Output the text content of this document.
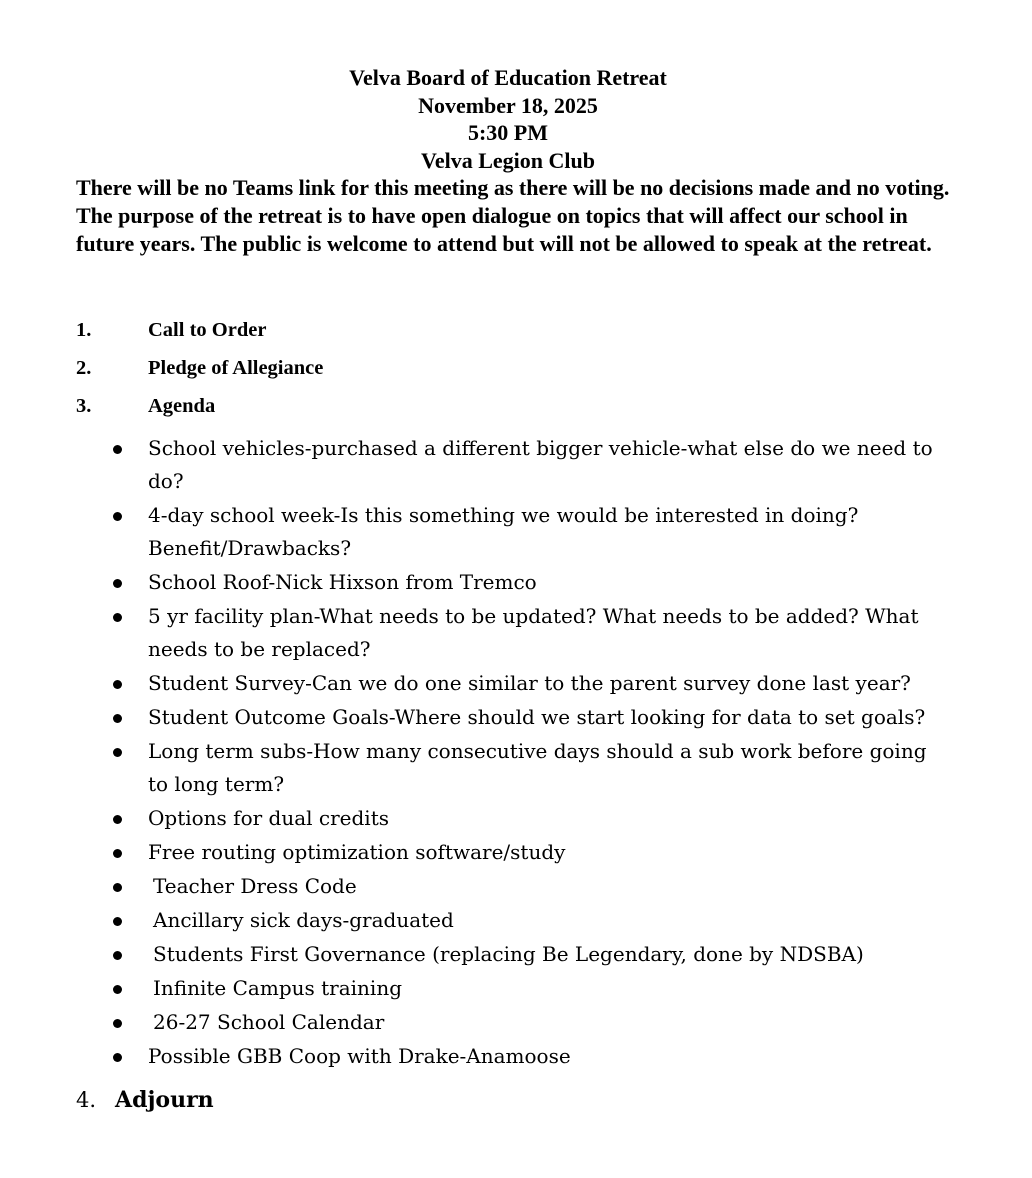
Velva Board of Education Retreat
November 18, 2025
5:30 PM
Velva Legion Club

There will be no Teams link for this meeting as there will be no decisions made and no voting. The purpose of the retreat is to have open dialogue on topics that will affect our school in future years. The public is welcome to attend but will not be allowed to speak at the retreat.

1.	Call to Order
2.	Pledge of Allegiance
3.	Agenda
School vehicles-purchased a different bigger vehicle-what else do we need to do?
4-day school week-Is this something we would be interested in doing? Benefit/Drawbacks?
School Roof-Nick Hixson from Tremco
5 yr facility plan-What needs to be updated? What needs to be added? What needs to be replaced?
Student Survey-Can we do one similar to the parent survey done last year?
Student Outcome Goals-Where should we start looking for data to set goals?
Long term subs-How many consecutive days should a sub work before going to long term?
Options for dual credits
Free routing optimization software/study
Teacher Dress Code
Ancillary sick days-graduated
Students First Governance (replacing Be Legendary, done by NDSBA)
Infinite Campus training
26-27 School Calendar
Possible GBB Coop with Drake-Anamoose
4. Adjourn
